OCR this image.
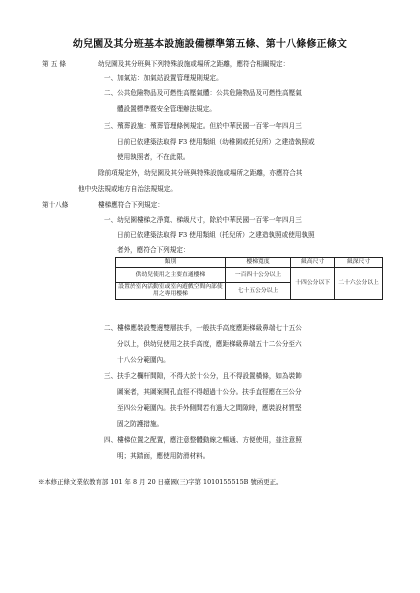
幼兒園及其分班基本設施設備標準第五條、第十八條修正條文
第 五 條	幼兒園及其分班與下列特殊設施或場所之距離，應符合相關規定：
一、加氣站：加氣站設置管理規則規定。
二、公共危險物品及可燃性高壓氣體：公共危險物品及可燃性高壓氣
體設置標準暨安全管理辦法規定。
三、殯葬設施：殯葬管理條例規定。但於中華民國一百零一年四月三
日前已依建築法取得 F3 使用類組（幼稚園或托兒所）之建造執照或
使用執照者，不在此限。
除前項規定外，幼兒園及其分班與特殊設施或場所之距離，亦應符合其
他中央法規或地方自治法規規定。
第十八條	樓梯應符合下列規定：
一、幼兒園樓梯之淨寬、梯級尺寸，除於中華民國一百零一年四月三
日前已依建築法取得 F3 使用類組（托兒所）之建造執照或使用執照
者外，應符合下列規定：
類別	樓梯寬度	級高尺寸	級深尺寸
供幼兒使用之主要直通樓梯	一百四十公分以上	十四公分以下	二十六公分以上
設置於室內活動室或室內遊戲空間內部使用之專用樓梯	七十五公分以上		
二、樓梯應裝設雙邊雙層扶手，一般扶手高度應距梯級鼻端七十五公
分以上，供幼兒使用之扶手高度，應距梯級鼻端五十二公分至六
十八公分範圍內。
三、扶手之欄杆間隙，不得大於十公分，且不得設置橫條，如為裝飾
圖案者，其圖案開孔直徑不得超過十公分。扶手直徑應在三公分
至四公分範圍內。扶手外側間若有過大之間隙時，應裝設材質堅
固之防護措施。
四、樓梯位置之配置，應注意整體動線之暢通、方便使用，並注意照
明；其踏面，應使用防滑材料。
※本修正條文業依教育部 101 年 8 月 20 日臺國(三)字第 1010155515B 號函更正。
